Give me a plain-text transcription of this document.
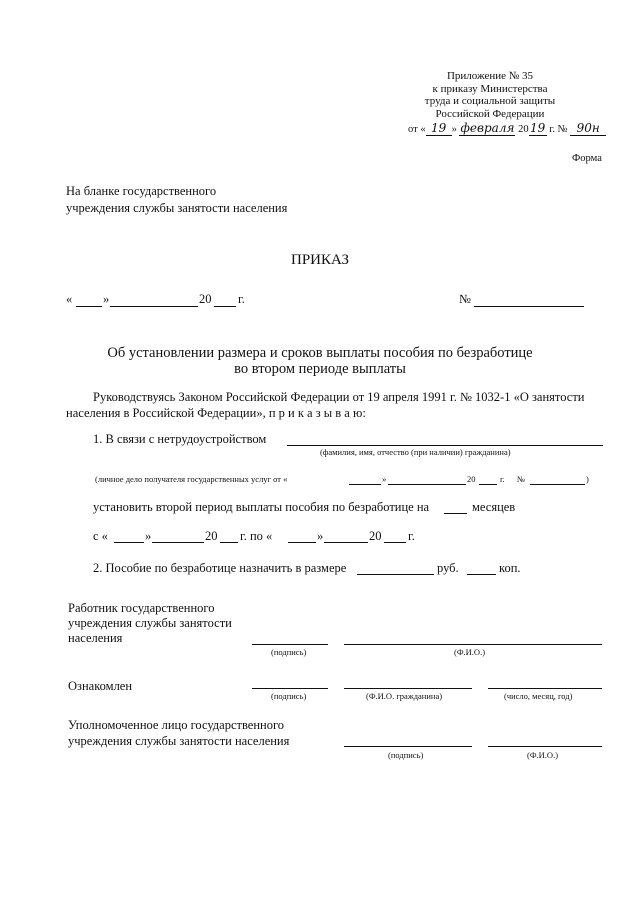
Приложение № 35
к приказу Министерства
труда и социальной защиты
Российской Федерации
от « 19 » февраля 2019 г. № 90н
Форма
На бланке государственного
учреждения службы занятости населения
ПРИКАЗ
« »	20 г.	№
Об установлении размера и сроков выплаты пособия по безработице
во втором периоде выплаты
Руководствуясь Законом Российской Федерации от 19 апреля 1991 г. № 1032-1 «О занятости
населения в Российской Федерации», п р и к а з ы в а ю:
1. В связи с нетрудоустройством
(фамилия, имя, отчество (при наличии) гражданина)
(личное дело получателя государственных услуг от «	»	20	г. №	)
установить второй период выплаты пособия по безработице на	месяцев
с «	»	20 г. по «	»	20 г.
2. Пособие по безработице назначить в размере	руб.	коп.
Работник государственного
учреждения службы занятости
населения
(подпись)	(Ф.И.О.)
Ознакомлен
(подпись)	(Ф.И.О. гражданина)	(число, месяц, год)
Уполномоченное лицо государственного
учреждения службы занятости населения
(подпись)	(Ф.И.О.)
